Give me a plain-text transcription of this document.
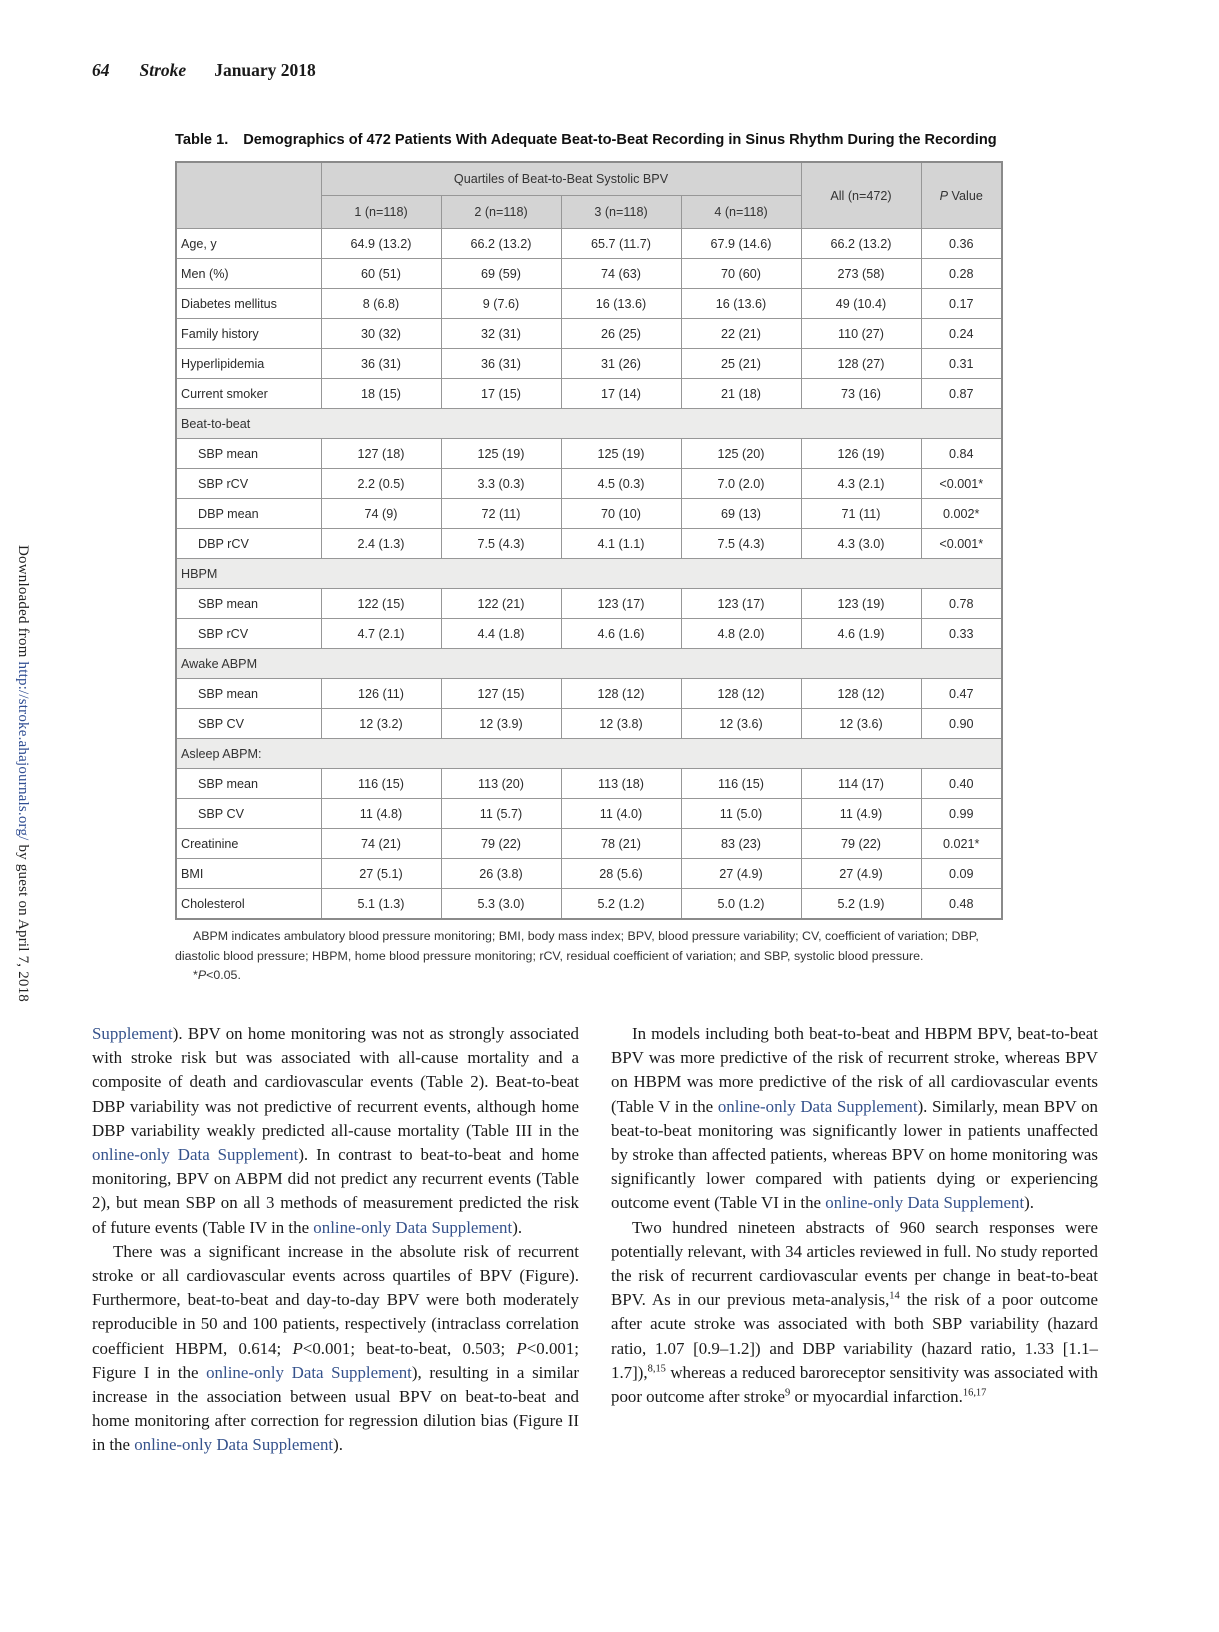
64 Stroke January 2018
Downloaded from http://stroke.ahajournals.org/ by guest on April 7, 2018
Table 1. Demographics of 472 Patients With Adequate Beat-to-Beat Recording in Sinus Rhythm During the Recording
	Quartiles of Beat-to-Beat Systolic BPV				All (n=472)	P Value
	1 (n=118)	2 (n=118)	3 (n=118)	4 (n=118)		
Age, y	64.9 (13.2)	66.2 (13.2)	65.7 (11.7)	67.9 (14.6)	66.2 (13.2)	0.36
Men (%)	60 (51)	69 (59)	74 (63)	70 (60)	273 (58)	0.28
Diabetes mellitus	8 (6.8)	9 (7.6)	16 (13.6)	16 (13.6)	49 (10.4)	0.17
Family history	30 (32)	32 (31)	26 (25)	22 (21)	110 (27)	0.24
Hyperlipidemia	36 (31)	36 (31)	31 (26)	25 (21)	128 (27)	0.31
Current smoker	18 (15)	17 (15)	17 (14)	21 (18)	73 (16)	0.87
Beat-to-beat						
SBP mean	127 (18)	125 (19)	125 (19)	125 (20)	126 (19)	0.84
SBP rCV	2.2 (0.5)	3.3 (0.3)	4.5 (0.3)	7.0 (2.0)	4.3 (2.1)	<0.001*
DBP mean	74 (9)	72 (11)	70 (10)	69 (13)	71 (11)	0.002*
DBP rCV	2.4 (1.3)	7.5 (4.3)	4.1 (1.1)	7.5 (4.3)	4.3 (3.0)	<0.001*
HBPM						
SBP mean	122 (15)	122 (21)	123 (17)	123 (17)	123 (19)	0.78
SBP rCV	4.7 (2.1)	4.4 (1.8)	4.6 (1.6)	4.8 (2.0)	4.6 (1.9)	0.33
Awake ABPM						
SBP mean	126 (11)	127 (15)	128 (12)	128 (12)	128 (12)	0.47
SBP CV	12 (3.2)	12 (3.9)	12 (3.8)	12 (3.6)	12 (3.6)	0.90
Asleep ABPM:						
SBP mean	116 (15)	113 (20)	113 (18)	116 (15)	114 (17)	0.40
SBP CV	11 (4.8)	11 (5.7)	11 (4.0)	11 (5.0)	11 (4.9)	0.99
Creatinine	74 (21)	79 (22)	78 (21)	83 (23)	79 (22)	0.021*
BMI	27 (5.1)	26 (3.8)	28 (5.6)	27 (4.9)	27 (4.9)	0.09
Cholesterol	5.1 (1.3)	5.3 (3.0)	5.2 (1.2)	5.0 (1.2)	5.2 (1.9)	0.48

ABPM indicates ambulatory blood pressure monitoring; BMI, body mass index; BPV, blood pressure variability; CV, coefficient of variation; DBP, diastolic blood pressure; HBPM, home blood pressure monitoring; rCV, residual coefficient of variation; and SBP, systolic blood pressure.

*P<0.05.

Supplement). BPV on home monitoring was not as strongly associated with stroke risk but was associated with all-cause mortality and a composite of death and cardiovascular events (Table 2). Beat-to-beat DBP variability was not predictive of recurrent events, although home DBP variability weakly predicted all-cause mortality (Table III in the online-only Data Supplement). In contrast to beat-to-beat and home monitoring, BPV on ABPM did not predict any recurrent events (Table 2), but mean SBP on all 3 methods of measurement predicted the risk of future events (Table IV in the online-only Data Supplement).

There was a significant increase in the absolute risk of recurrent stroke or all cardiovascular events across quartiles of BPV (Figure). Furthermore, beat-to-beat and day-to-day BPV were both moderately reproducible in 50 and 100 patients, respectively (intraclass correlation coefficient HBPM, 0.614; P<0.001; beat-to-beat, 0.503; P<0.001; Figure I in the online-only Data Supplement), resulting in a similar increase in the association between usual BPV on beat-to-beat and home monitoring after correction for regression dilution bias (Figure II in the online-only Data Supplement).

In models including both beat-to-beat and HBPM BPV, beat-to-beat BPV was more predictive of the risk of recurrent stroke, whereas BPV on HBPM was more predictive of the risk of all cardiovascular events (Table V in the online-only Data Supplement). Similarly, mean BPV on beat-to-beat monitoring was significantly lower in patients unaffected by stroke than affected patients, whereas BPV on home monitoring was significantly lower compared with patients dying or experiencing outcome event (Table VI in the online-only Data Supplement).

Two hundred nineteen abstracts of 960 search responses were potentially relevant, with 34 articles reviewed in full. No study reported the risk of recurrent cardiovascular events per change in beat-to-beat BPV. As in our previous meta-analysis,$^{14}$ the risk of a poor outcome after acute stroke was associated with both SBP variability (hazard ratio, 1.07 [0.9–1.2]) and DBP variability (hazard ratio, 1.33 [1.1–1.7]),$^{8,15}$ whereas a reduced baroreceptor sensitivity was associated with poor outcome after stroke$^9$ or myocardial infarction.$^{16,17}$
